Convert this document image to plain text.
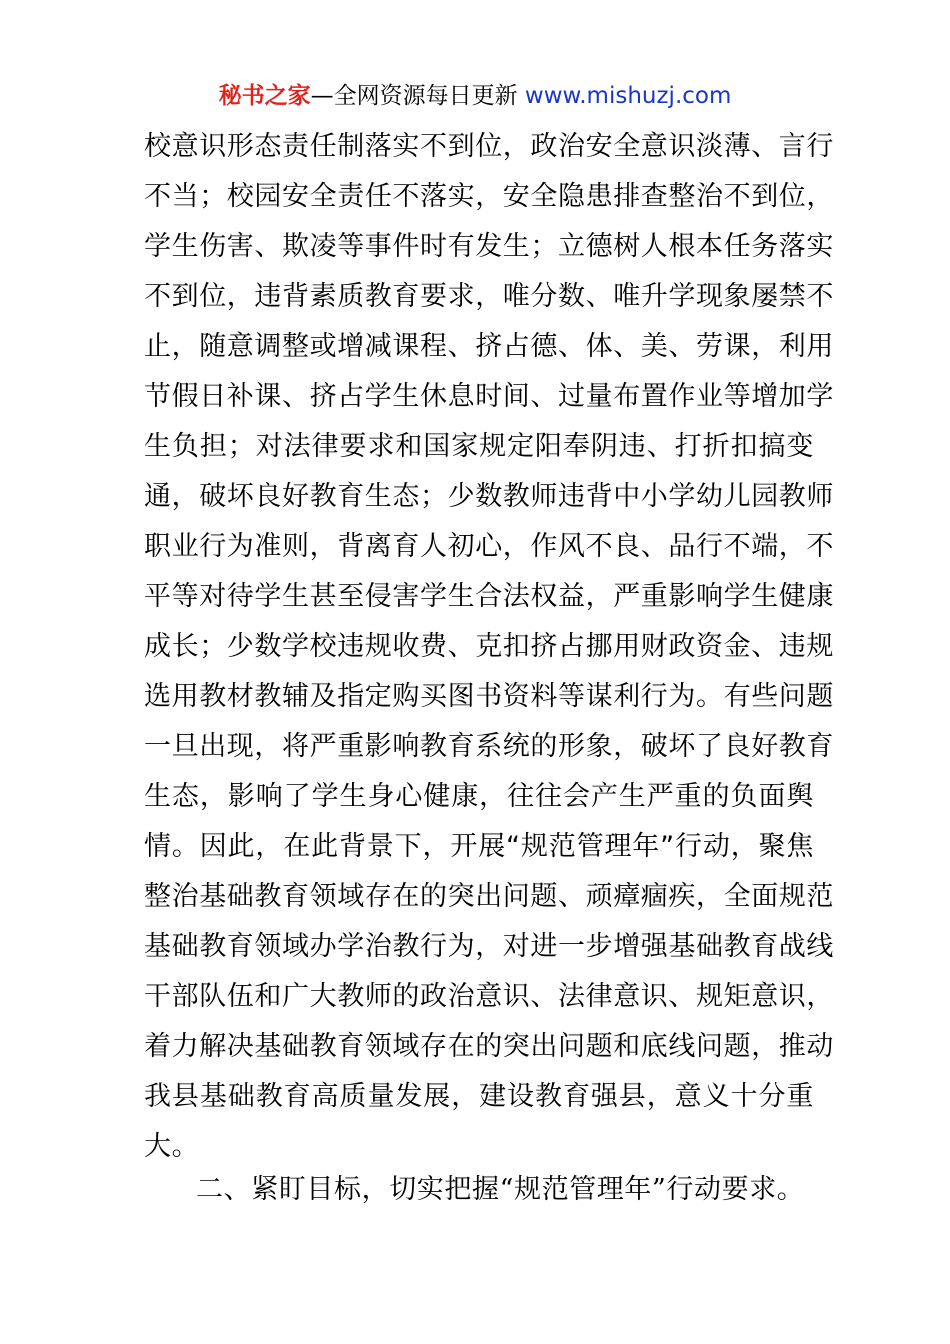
秘书之家—全网资源每日更新 www.mishuzj.com
校意识形态责任制落实不到位，政治安全意识淡薄、言行
不当；校园安全责任不落实，安全隐患排查整治不到位，
学生伤害、欺凌等事件时有发生；立德树人根本任务落实
不到位，违背素质教育要求，唯分数、唯升学现象屡禁不
止，随意调整或增减课程、挤占德、体、美、劳课，利用
节假日补课、挤占学生休息时间、过量布置作业等增加学
生负担；对法律要求和国家规定阳奉阴违、打折扣搞变
通，破坏良好教育生态；少数教师违背中小学幼儿园教师
职业行为准则，背离育人初心，作风不良、品行不端，不
平等对待学生甚至侵害学生合法权益，严重影响学生健康
成长；少数学校违规收费、克扣挤占挪用财政资金、违规
选用教材教辅及指定购买图书资料等谋利行为。有些问题
一旦出现，将严重影响教育系统的形象，破坏了良好教育
生态，影响了学生身心健康，往往会产生严重的负面舆
情。因此，在此背景下，开展“规范管理年”行动，聚焦
整治基础教育领域存在的突出问题、顽瘴痼疾，全面规范
基础教育领域办学治教行为，对进一步增强基础教育战线
干部队伍和广大教师的政治意识、法律意识、规矩意识，
着力解决基础教育领域存在的突出问题和底线问题，推动
我县基础教育高质量发展，建设教育强县，意义十分重
大。
二、紧盯目标，切实把握“规范管理年”行动要求。
